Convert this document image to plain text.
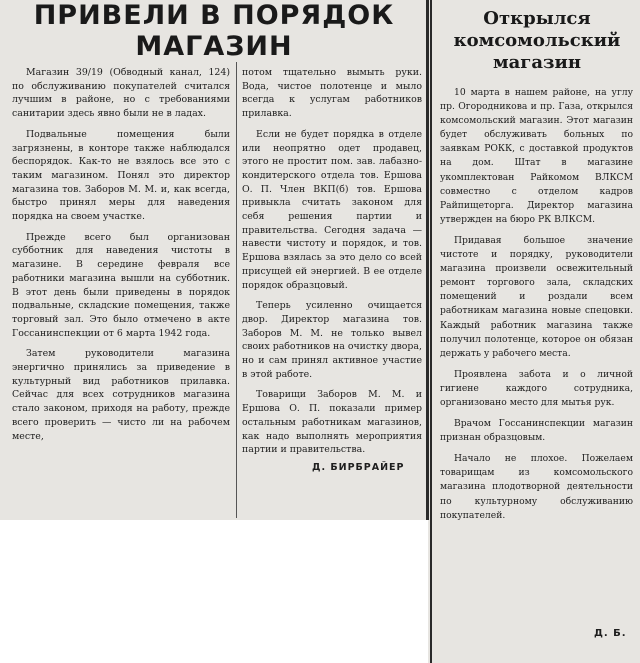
ПРИВЕЛИ В ПОРЯДОК МАГАЗИН

Магазин 39/19 (Обводный канал, 124) по обслуживанию покупателей считался лучшим в районе, но с требованиями санитарии здесь явно были не в ладах.

Подвальные помещения были загрязнены, в конторе также наблюдался беспорядок. Как-то не взялось все это с таким магазином. Понял это директор магазина тов. Заборов М. М. и, как всегда, быстро принял меры для наведения порядка на своем участке.

Прежде всего был организован субботник для наведения чистоты в магазине. В середине февраля все работники магазина вышли на субботник. В этот день были приведены в порядок подвальные, складские помещения, также торговый зал. Это было отмечено в акте Госсанинспекции от 6 марта 1942 года.

Затем руководители магазина энергично принялись за приведение в культурный вид работников прилавка. Сейчас для всех сотрудников магазина стало законом, приходя на работу, прежде всего проверить — чисто ли на рабочем месте,

потом тщательно вымыть руки. Вода, чистое полотенце и мыло всегда к услугам работников прилавка.

Если не будет порядка в отделе или неопрятно одет продавец, этого не простит пом. зав. лабазно-кондитерского отдела тов. Ершова О. П. Член ВКП(б) тов. Ершова привыкла считать законом для себя решения партии и правительства. Сегодня задача — навести чистоту и порядок, и тов. Ершова взялась за это дело со всей присущей ей энергией. В ее отделе порядок образцовый.

Теперь усиленно очищается двор. Директор магазина тов. Заборов М. М. не только вывел своих работников на очистку двора, но и сам принял активное участие в этой работе.

Товарищи Заборов М. М. и Ершова О. П. показали пример остальным работникам магазинов, как надо выполнять мероприятия партии и правительства.

Д. БИРБРАЙЕР
Открылся комсомольский магазин

10 марта в нашем районе, на углу пр. Огородникова и пр. Газа, открылся комсомольский магазин. Этот магазин будет обслуживать больных по заявкам РОКК, с доставкой продуктов на дом. Штат в магазине укомплектован Райкомом ВЛКСМ совместно с отделом кадров Райпищеторга. Директор магазина утвержден на бюро РК ВЛКСМ.

Придавая большое значение чистоте и порядку, руководители магазина произвели освежительный ремонт торгового зала, складских помещений и роздали всем работникам магазина новые спецовки. Каждый работник магазина также получил полотенце, которое он обязан держать у рабочего места.

Проявлена забота и о личной гигиене каждого сотрудника, организовано место для мытья рук.

Врачом Госсанинспекции магазин признан образцовым.

Начало не плохое. Пожелаем товарищам из комсомольского магазина плодотворной деятельности по культурному обслуживанию покупателей.

Д. Б.
